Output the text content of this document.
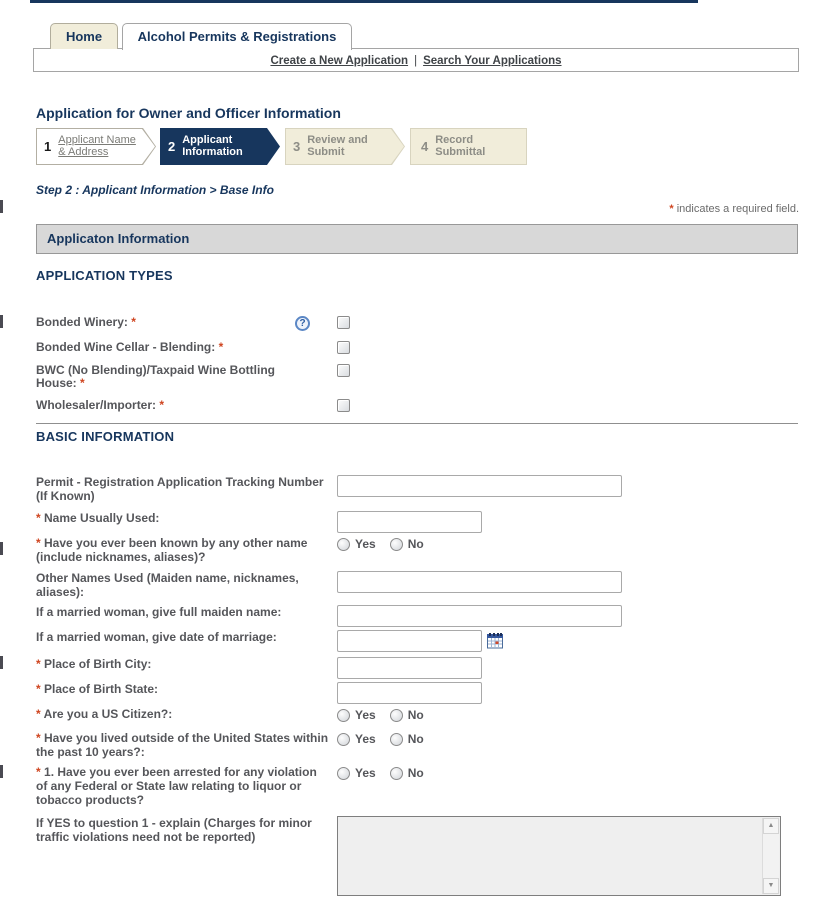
Create a New Application | Search Your Applications
Home	Alcohol Permits & Registrations
Application for Owner and Officer Information
1 Applicant Name & Address	2 Applicant Information	3 Review and Submit	4 Record Submittal
Step 2 : Applicant Information > Base Info
* indicates a required field.
Applicaton Information
APPLICATION TYPES
Bonded Winery: *	?
Bonded Wine Cellar - Blending: *
BWC (No Blending)/Taxpaid Wine Bottling House: *
Wholesaler/Importer: *
BASIC INFORMATION
Permit - Registration Application Tracking Number (If Known)
* Name Usually Used:
* Have you ever been known by any other name (include nicknames, aliases)?
Yes	No
Other Names Used (Maiden name, nicknames, aliases):
If a married woman, give full maiden name:
If a married woman, give date of marriage:
* Place of Birth City:
* Place of Birth State:
* Are you a US Citizen?:	Yes	No
* Have you lived outside of the United States within the past 10 years?:
Yes	No
* 1. Have you ever been arrested for any violation of any Federal or State law relating to liquor or tobacco products?
Yes	No
If YES to question 1 - explain (Charges for minor traffic violations need not be reported)
▲
▼
